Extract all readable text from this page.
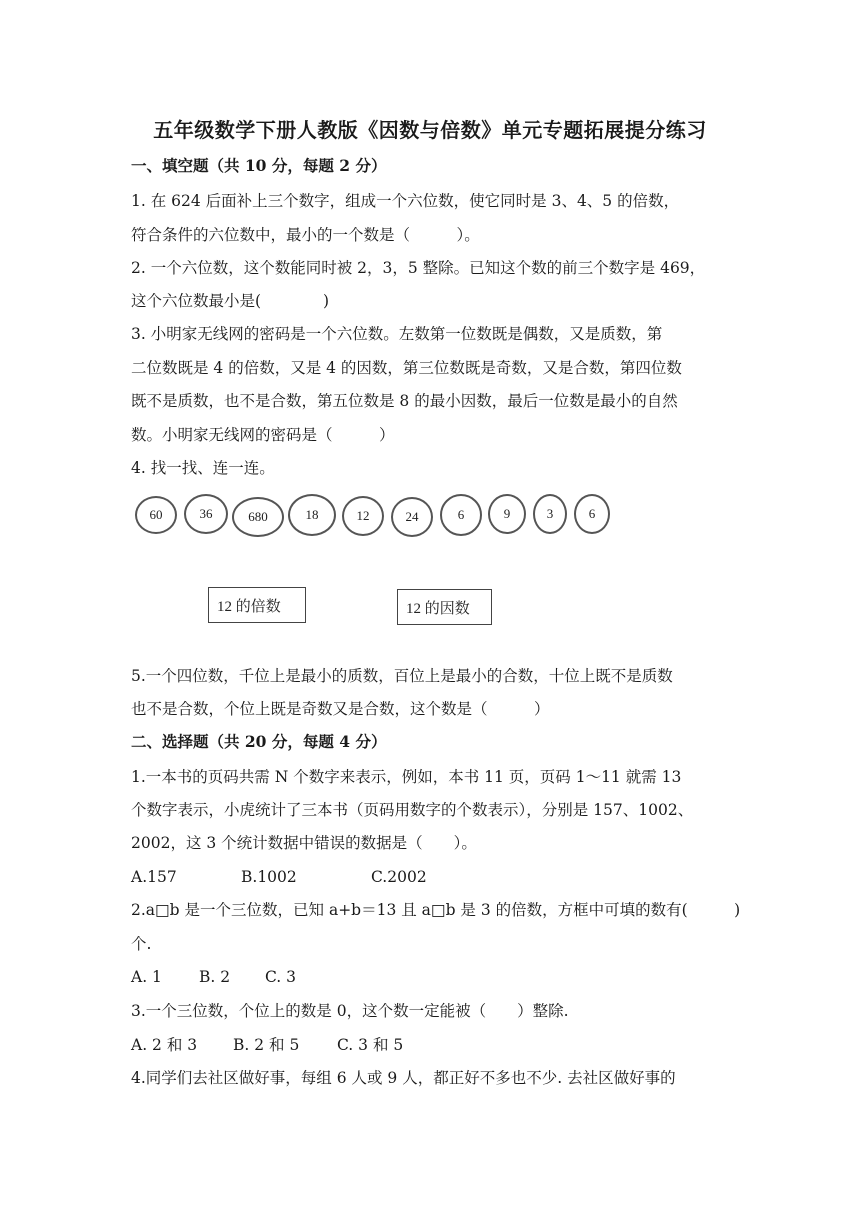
五年级数学下册人教版《因数与倍数》单元专题拓展提分练习
一、填空题（共 10 分，每题 2 分）
1. 在 624 后面补上三个数字，组成一个六位数，使它同时是 3、4、5 的倍数，
符合条件的六位数中，最小的一个数是（　　　）。
2. 一个六位数，这个数能同时被 2，3，5 整除。已知这个数的前三个数字是 469，
这个六位数最小是(　　　　)
3. 小明家无线网的密码是一个六位数。左数第一位数既是偶数，又是质数，第
二位数既是 4 的倍数，又是 4 的因数，第三位数既是奇数，又是合数，第四位数
既不是质数，也不是合数，第五位数是 8 的最小因数，最后一位数是最小的自然
数。小明家无线网的密码是（　　　）
4. 找一找、连一连。
60	36	680	18	12	24	6	9	3	6
12 的倍数	12 的因数
5.一个四位数，千位上是最小的质数，百位上是最小的合数，十位上既不是质数
也不是合数，个位上既是奇数又是合数，这个数是（　　　）
二、选择题（共 20 分，每题 4 分）
1.一本书的页码共需 N 个数字来表示，例如，本书 11 页，页码 1～11 就需 13
个数字表示，小虎统计了三本书（页码用数字的个数表示），分别是 157、1002、
2002，这 3 个统计数据中错误的数据是（　　）。
A.157	B.1002	C.2002
2.a□b 是一个三位数，已知 a+b＝13 且 a□b 是 3 的倍数，方框中可填的数有(　　　)
个.
A. 1 B. 2 C. 3
3.一个三位数，个位上的数是 0，这个数一定能被（　　）整除.
A. 2 和 3 B. 2 和 5 C. 3 和 5
4.同学们去社区做好事，每组 6 人或 9 人，都正好不多也不少. 去社区做好事的
